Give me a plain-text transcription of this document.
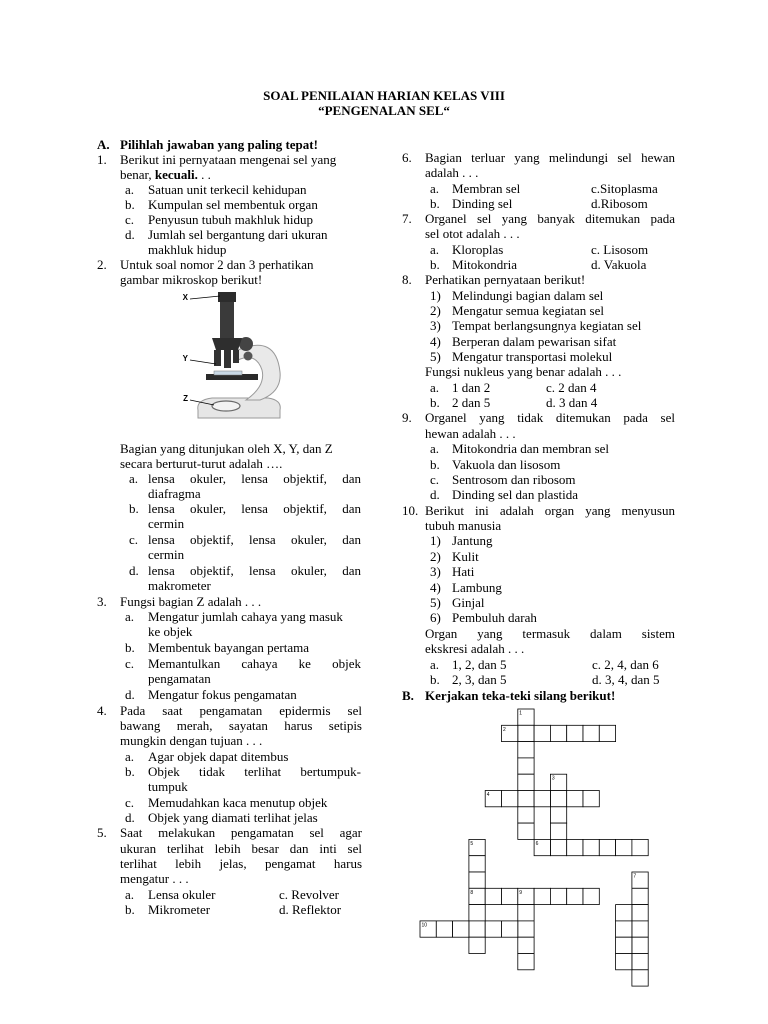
SOAL PENILAIAN HARIAN KELAS VIII
“PENGENALAN SEL“
A. Pilihlah jawaban yang paling tepat!
1. Berikut ini pernyataan mengenai sel yang
benar, kecuali. . .
a. Satuan unit terkecil kehidupan
b. Kumpulan sel membentuk organ
c. Penyusun tubuh makhluk hidup
d. Jumlah sel bergantung dari ukuran
makhluk hidup
2. Untuk soal nomor 2 dan 3 perhatikan
gambar mikroskop berikut!
X
Y
Z
Bagian yang ditunjukan oleh X, Y, dan Z
secara berturut-turut adalah ….
a. lensa okuler, lensa objektif, dan
diafragma
b. lensa okuler, lensa objektif, dan
cermin
c. lensa objektif, lensa okuler, dan
cermin
d. lensa objektif, lensa okuler, dan
makrometer
3. Fungsi bagian Z adalah . . .
a. Mengatur jumlah cahaya yang masuk
ke objek
b. Membentuk bayangan pertama
c. Memantulkan cahaya ke objek
pengamatan
d. Mengatur fokus pengamatan
4. Pada saat pengamatan epidermis sel
bawang merah, sayatan harus setipis
mungkin dengan tujuan . . .
a. Agar objek dapat ditembus
b. Objek tidak terlihat bertumpuk-
tumpuk
c. Memudahkan kaca menutup objek
d. Objek yang diamati terlihat jelas
5. Saat melakukan pengamatan sel agar
ukuran terlihat lebih besar dan inti sel
terlihat lebih jelas, pengamat harus
mengatur . . .
a. Lensa okuler	c. Revolver
b. Mikrometer	d. Reflektor
6. Bagian terluar yang melindungi sel hewan
adalah . . .
a. Membran sel	c.Sitoplasma
b. Dinding sel	d.Ribosom
7. Organel sel yang banyak ditemukan pada
sel otot adalah . . .
a. Kloroplas	c. Lisosom
b. Mitokondria	d. Vakuola
8. Perhatikan pernyataan berikut!
1) Melindungi bagian dalam sel
2) Mengatur semua kegiatan sel
3) Tempat berlangsungnya kegiatan sel
4) Berperan dalam pewarisan sifat
5) Mengatur transportasi molekul
Fungsi nukleus yang benar adalah . . .
a. 1 dan 2	c. 2 dan 4
b. 2 dan 5	d. 3 dan 4
9. Organel yang tidak ditemukan pada sel
hewan adalah . . .
a. Mitokondria dan membran sel
b. Vakuola dan lisosom
c. Sentrosom dan ribosom
d. Dinding sel dan plastida
10. Berikut ini adalah organ yang menyusun
tubuh manusia
1) Jantung
2) Kulit
3) Hati
4) Lambung
5) Ginjal
6) Pembuluh darah
Organ yang termasuk dalam sistem
ekskresi adalah . . .
a. 1, 2, dan 5	c. 2, 4, dan 6
b. 2, 3, dan 5	d. 3, 4, dan 5
B. Kerjakan teka-teki silang berikut!
1
2
3
4
5	6
7
8	9
10
